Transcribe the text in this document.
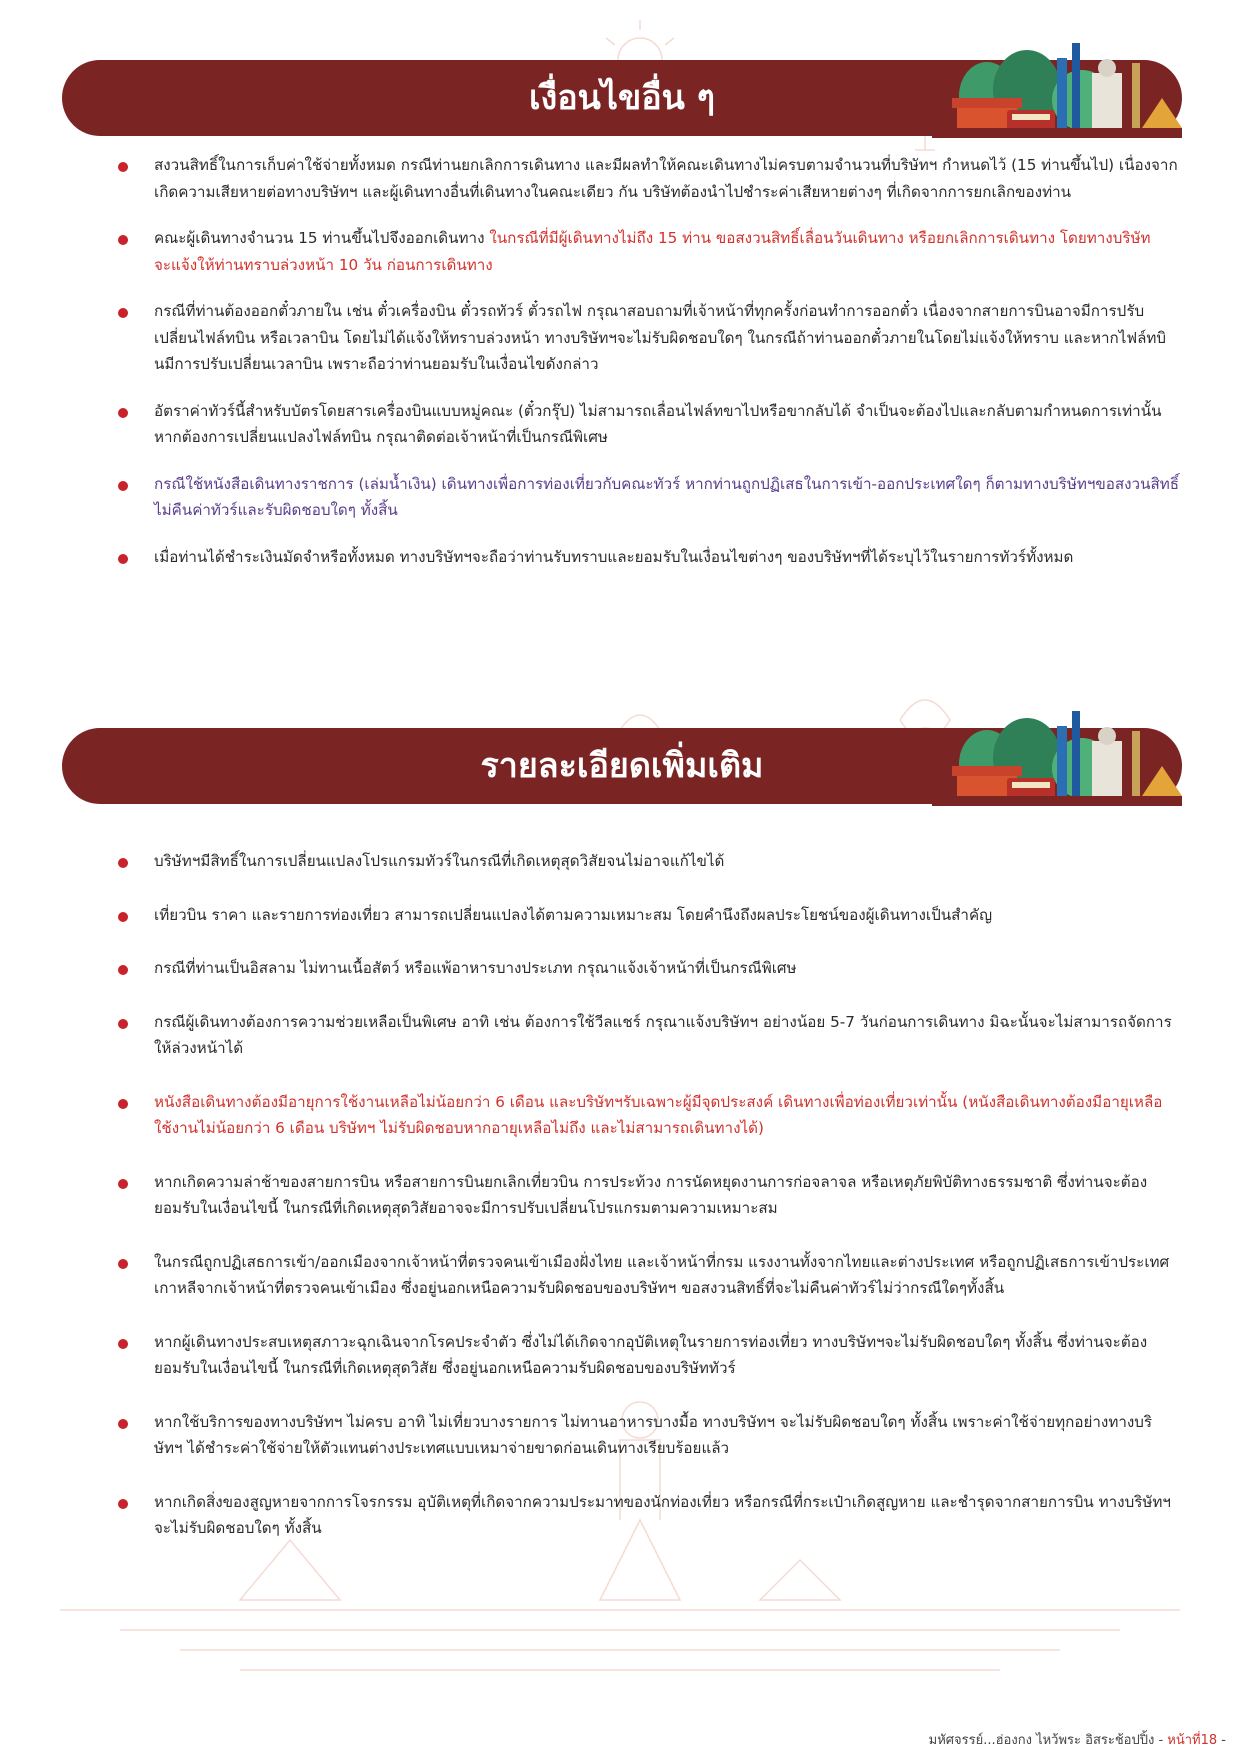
เงื่อนไขอื่น ๆ
สงวนสิทธิ์ในการเก็บค่าใช้จ่ายทั้งหมด กรณีท่านยกเลิกการเดินทาง และมีผลทำให้คณะเดินทางไม่ครบตามจำนวนที่บริษัทฯ กำหนดไว้ (15 ท่านขึ้นไป) เนื่องจากเกิดความเสียหายต่อทางบริษัทฯ และผู้เดินทางอื่นที่เดินทางในคณะเดียว กัน บริษัทต้องนำไปชำระค่าเสียหายต่างๆ ที่เกิดจากการยกเลิกของท่าน
คณะผู้เดินทางจำนวน 15 ท่านขึ้นไปจึงออกเดินทาง ในกรณีที่มีผู้เดินทางไม่ถึง 15 ท่าน ขอสงวนสิทธิ์เลื่อนวันเดินทาง หรือยกเลิกการเดินทาง โดยทางบริษัทจะแจ้งให้ท่านทราบล่วงหน้า 10 วัน ก่อนการเดินทาง
กรณีที่ท่านต้องออกตั๋วภายใน เช่น ตั๋วเครื่องบิน ตั๋วรถทัวร์ ตั๋วรถไฟ กรุณาสอบถามที่เจ้าหน้าที่ทุกครั้งก่อนทำการออกตั๋ว เนื่องจากสายการบินอาจมีการปรับเปลี่ยนไฟล์ทบิน หรือเวลาบิน โดยไม่ได้แจ้งให้ทราบล่วงหน้า ทางบริษัทฯจะไม่รับผิดชอบใดๆ ในกรณีถ้าท่านออกตั๋วภายในโดยไม่แจ้งให้ทราบ และหากไฟล์ทบินมีการปรับเปลี่ยนเวลาบิน เพราะถือว่าท่านยอมรับในเงื่อนไขดังกล่าว
อัตราค่าทัวร์นี้สำหรับบัตรโดยสารเครื่องบินแบบหมู่คณะ (ตั๋วกรุ๊ป) ไม่สามารถเลื่อนไฟล์ทขาไปหรือขากลับได้ จำเป็นจะต้องไปและกลับตามกำหนดการเท่านั้น หากต้องการเปลี่ยนแปลงไฟล์ทบิน กรุณาติดต่อเจ้าหน้าที่เป็นกรณีพิเศษ
กรณีใช้หนังสือเดินทางราชการ (เล่มน้ำเงิน) เดินทางเพื่อการท่องเที่ยวกับคณะทัวร์ หากท่านถูกปฏิเสธในการเข้า-ออกประเทศใดๆ ก็ตามทางบริษัทฯขอสงวนสิทธิ์ไม่คืนค่าทัวร์และรับผิดชอบใดๆ ทั้งสิ้น
เมื่อท่านได้ชำระเงินมัดจำหรือทั้งหมด ทางบริษัทฯจะถือว่าท่านรับทราบและยอมรับในเงื่อนไขต่างๆ ของบริษัทฯที่ได้ระบุไว้ในรายการทัวร์ทั้งหมด
รายละเอียดเพิ่มเติม
บริษัทฯมีสิทธิ์ในการเปลี่ยนแปลงโปรแกรมทัวร์ในกรณีที่เกิดเหตุสุดวิสัยจนไม่อาจแก้ไขได้
เที่ยวบิน ราคา และรายการท่องเที่ยว สามารถเปลี่ยนแปลงได้ตามความเหมาะสม โดยคำนึงถึงผลประโยชน์ของผู้เดินทางเป็นสำคัญ
กรณีที่ท่านเป็นอิสลาม ไม่ทานเนื้อสัตว์ หรือแพ้อาหารบางประเภท กรุณาแจ้งเจ้าหน้าที่เป็นกรณีพิเศษ
กรณีผู้เดินทางต้องการความช่วยเหลือเป็นพิเศษ อาทิ เช่น ต้องการใช้วีลแชร์ กรุณาแจ้งบริษัทฯ อย่างน้อย 5-7 วันก่อนการเดินทาง มิฉะนั้นจะไม่สามารถจัดการให้ล่วงหน้าได้
หนังสือเดินทางต้องมีอายุการใช้งานเหลือไม่น้อยกว่า 6 เดือน และบริษัทฯรับเฉพาะผู้มีจุดประสงค์ เดินทางเพื่อท่องเที่ยวเท่านั้น (หนังสือเดินทางต้องมีอายุเหลือใช้งานไม่น้อยกว่า 6 เดือน บริษัทฯ ไม่รับผิดชอบหากอายุเหลือไม่ถึง และไม่สามารถเดินทางได้)
หากเกิดความล่าช้าของสายการบิน หรือสายการบินยกเลิกเที่ยวบิน การประท้วง การนัดหยุดงานการก่อจลาจล หรือเหตุภัยพิบัติทางธรรมชาติ ซึ่งท่านจะต้องยอมรับในเงื่อนไขนี้ ในกรณีที่เกิดเหตุสุดวิสัยอาจจะมีการปรับเปลี่ยนโปรแกรมตามความเหมาะสม
ในกรณีถูกปฏิเสธการเข้า/ออกเมืองจากเจ้าหน้าที่ตรวจคนเข้าเมืองฝั่งไทย และเจ้าหน้าที่กรม แรงงานทั้งจากไทยและต่างประเทศ หรือถูกปฏิเสธการเข้าประเทศเกาหลีจากเจ้าหน้าที่ตรวจคนเข้าเมือง ซึ่งอยู่นอกเหนือความรับผิดชอบของบริษัทฯ ขอสงวนสิทธิ์ที่จะไม่คืนค่าทัวร์ไม่ว่ากรณีใดๆทั้งสิ้น
หากผู้เดินทางประสบเหตุสภาวะฉุกเฉินจากโรคประจำตัว ซึ่งไม่ได้เกิดจากอุบัติเหตุในรายการท่องเที่ยว ทางบริษัทฯจะไม่รับผิดชอบใดๆ ทั้งสิ้น ซึ่งท่านจะต้องยอมรับในเงื่อนไขนี้ ในกรณีที่เกิดเหตุสุดวิสัย ซึ่งอยู่นอกเหนือความรับผิดชอบของบริษัททัวร์
หากใช้บริการของทางบริษัทฯ ไม่ครบ อาทิ ไม่เที่ยวบางรายการ ไม่ทานอาหารบางมื้อ ทางบริษัทฯ จะไม่รับผิดชอบใดๆ ทั้งสิ้น เพราะค่าใช้จ่ายทุกอย่างทางบริษัทฯ ได้ชำระค่าใช้จ่ายให้ตัวแทนต่างประเทศแบบเหมาจ่ายขาดก่อนเดินทางเรียบร้อยแล้ว
หากเกิดสิ่งของสูญหายจากการโจรกรรม อุบัติเหตุที่เกิดจากความประมาทของนักท่องเที่ยว หรือกรณีที่กระเป๋าเกิดสูญหาย และชำรุดจากสายการบิน ทางบริษัทฯ จะไม่รับผิดชอบใดๆ ทั้งสิ้น
มหัศจรรย์...ฮ่องกง ไหว้พระ อิสระช้อปปิ้ง - หน้าที่18 -
